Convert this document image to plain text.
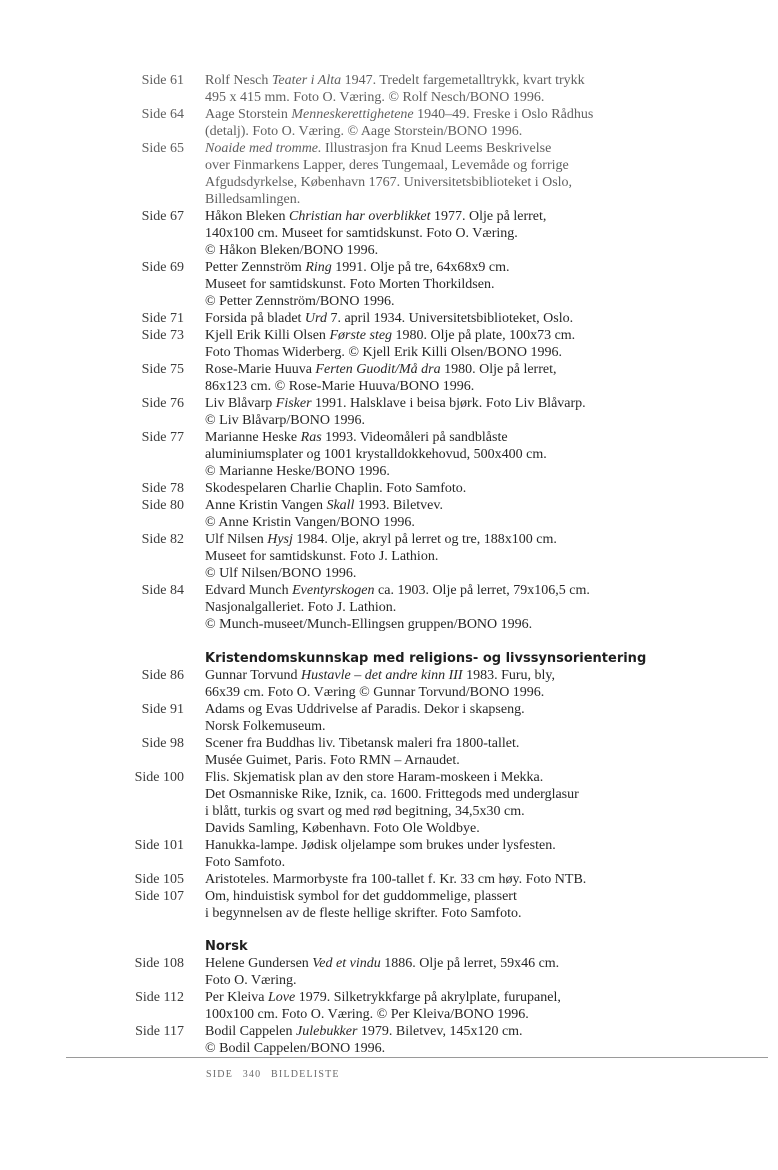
Side 61 Rolf Nesch Teater i Alta 1947. Tredelt fargemetalltrykk, kvart trykk
495 x 415 mm. Foto O. Væring. © Rolf Nesch/BONO 1996.
Side 64 Aage Storstein Menneskerettighetene 1940–49. Freske i Oslo Rådhus
(detalj). Foto O. Væring. © Aage Storstein/BONO 1996.
Side 65 Noaide med tromme. Illustrasjon fra Knud Leems Beskrivelse
over Finmarkens Lapper, deres Tungemaal, Levemåde og forrige
Afgudsdyrkelse, København 1767. Universitetsbiblioteket i Oslo,
Billedsamlingen.
Side 67 Håkon Bleken Christian har overblikket 1977. Olje på lerret,
140x100 cm. Museet for samtidskunst. Foto O. Væring.
© Håkon Bleken/BONO 1996.
Side 69 Petter Zennström Ring 1991. Olje på tre, 64x68x9 cm.
Museet for samtidskunst. Foto Morten Thorkildsen.
© Petter Zennström/BONO 1996.
Side 71 Forsida på bladet Urd 7. april 1934. Universitetsbiblioteket, Oslo.
Side 73 Kjell Erik Killi Olsen Første steg 1980. Olje på plate, 100x73 cm.
Foto Thomas Widerberg. © Kjell Erik Killi Olsen/BONO 1996.
Side 75 Rose-Marie Huuva Ferten Guodit/Må dra 1980. Olje på lerret,
86x123 cm. © Rose-Marie Huuva/BONO 1996.
Side 76 Liv Blåvarp Fisker 1991. Halsklave i beisa bjørk. Foto Liv Blåvarp.
© Liv Blåvarp/BONO 1996.
Side 77 Marianne Heske Ras 1993. Videomåleri på sandblåste
aluminiumsplater og 1001 krystalldokkehovud, 500x400 cm.
© Marianne Heske/BONO 1996.
Side 78 Skodespelaren Charlie Chaplin. Foto Samfoto.
Side 80 Anne Kristin Vangen Skall 1993. Biletvev.
© Anne Kristin Vangen/BONO 1996.
Side 82 Ulf Nilsen Hysj 1984. Olje, akryl på lerret og tre, 188x100 cm.
Museet for samtidskunst. Foto J. Lathion.
© Ulf Nilsen/BONO 1996.
Side 84 Edvard Munch Eventyrskogen ca. 1903. Olje på lerret, 79x106,5 cm.
Nasjonalgalleriet. Foto J. Lathion.
© Munch-museet/Munch-Ellingsen gruppen/BONO 1996.
Kristendomskunnskap med religions- og livssynsorientering
Side 86 Gunnar Torvund Hustavle – det andre kinn III 1983. Furu, bly,
66x39 cm. Foto O. Væring © Gunnar Torvund/BONO 1996.
Side 91 Adams og Evas Uddrivelse af Paradis. Dekor i skapseng.
Norsk Folkemuseum.
Side 98 Scener fra Buddhas liv. Tibetansk maleri fra 1800-tallet.
Musée Guimet, Paris. Foto RMN – Arnaudet.
Side 100 Flis. Skjematisk plan av den store Haram-moskeen i Mekka.
Det Osmanniske Rike, Iznik, ca. 1600. Frittegods med underglasur
i blått, turkis og svart og med rød begitning, 34,5x30 cm.
Davids Samling, København. Foto Ole Woldbye.
Side 101 Hanukka-lampe. Jødisk oljelampe som brukes under lysfesten.
Foto Samfoto.
Side 105 Aristoteles. Marmorbyste fra 100-tallet f. Kr. 33 cm høy. Foto NTB.
Side 107 Om, hinduistisk symbol for det guddommelige, plassert
i begynnelsen av de fleste hellige skrifter. Foto Samfoto.
Norsk
Side 108 Helene Gundersen Ved et vindu 1886. Olje på lerret, 59x46 cm.
Foto O. Væring.
Side 112 Per Kleiva Love 1979. Silketrykkfarge på akrylplate, furupanel,
100x100 cm. Foto O. Væring. © Per Kleiva/BONO 1996.
Side 117 Bodil Cappelen Julebukker 1979. Biletvev, 145x120 cm.
© Bodil Cappelen/BONO 1996.
SIDE 340 BILDELISTE
